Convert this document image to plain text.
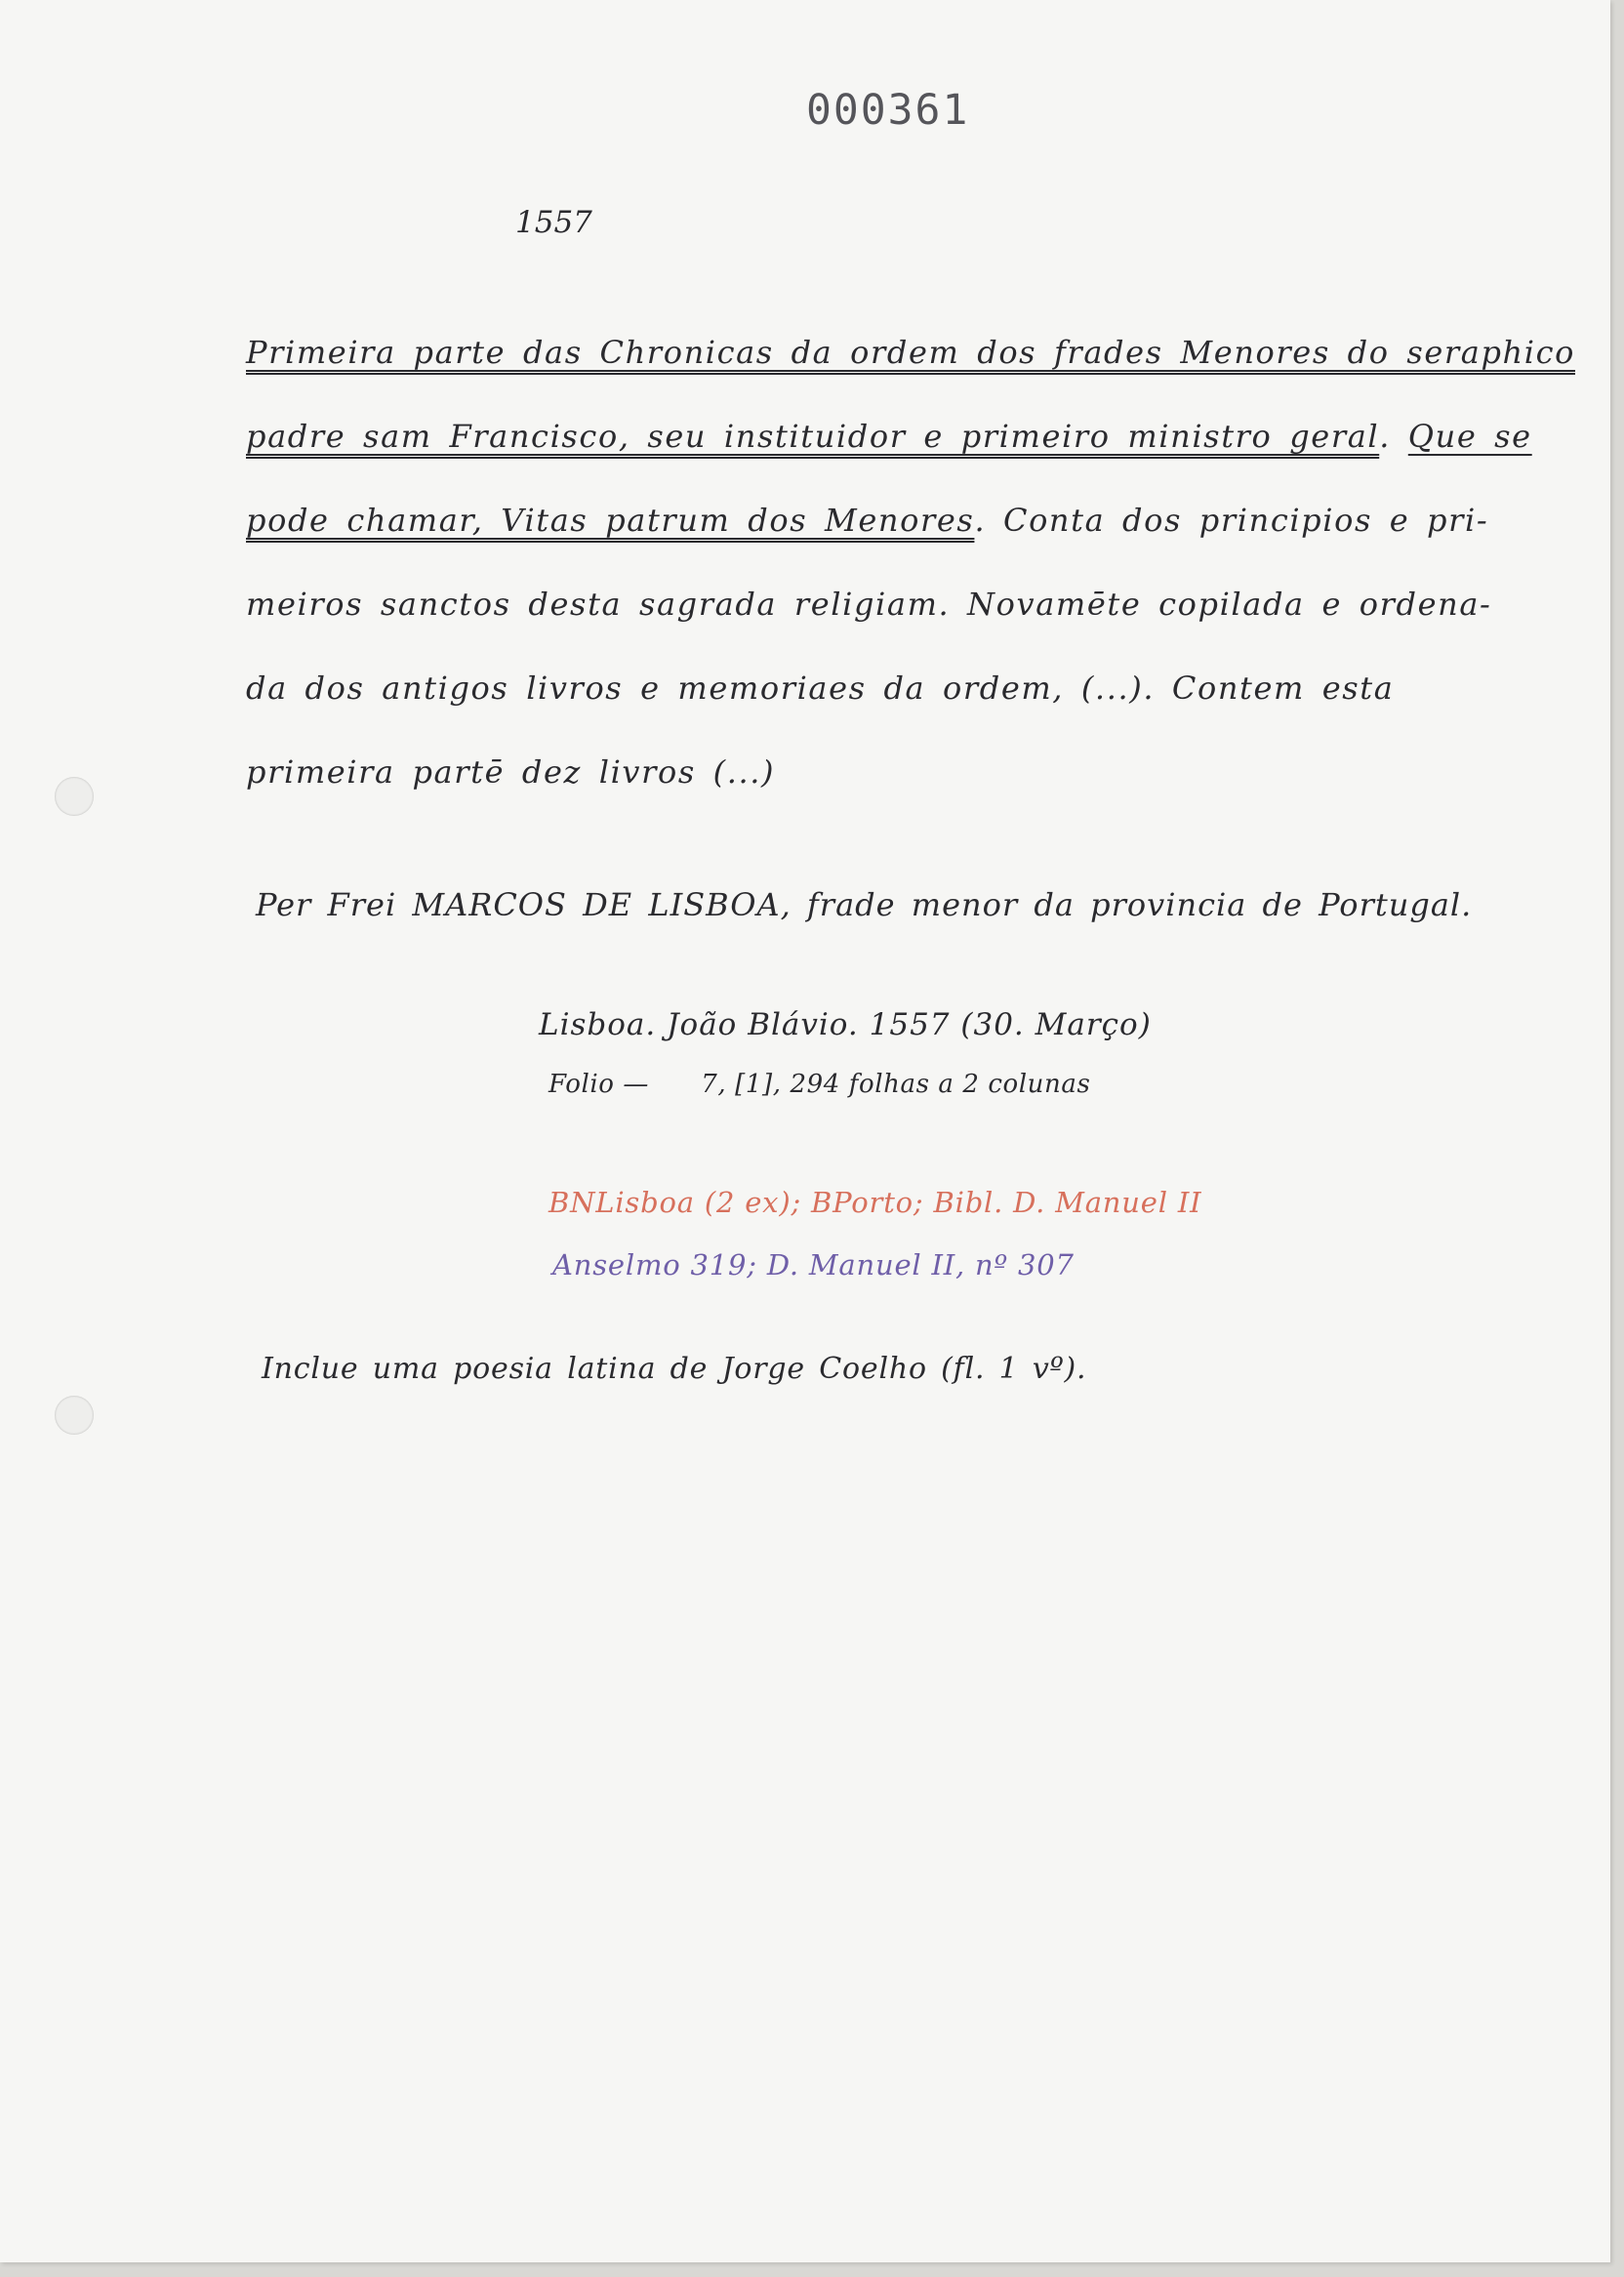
000361
1557
Primeira parte das Chronicas da ordem dos frades Menores do seraphico
padre sam Francisco, seu instituidor e primeiro ministro geral. Que se
pode chamar, Vitas patrum dos Menores. Conta dos principios e pri-
meiros sanctos desta sagrada religiam. Novamēte copilada e ordena-
da dos antigos livros e memoriaes da ordem, (...). Contem esta
primeira partē dez livros (...)
Per Frei MARCOS DE LISBOA, frade menor da provincia de Portugal.
Lisboa. João Blávio. 1557 (30. Março)
Folio —      7, [1], 294 folhas a 2 colunas
BNLisboa (2 ex); BPorto; Bibl. D. Manuel II
Anselmo 319; D. Manuel II, nº 307
Inclue uma poesia latina de Jorge Coelho (fl. 1 vº).
